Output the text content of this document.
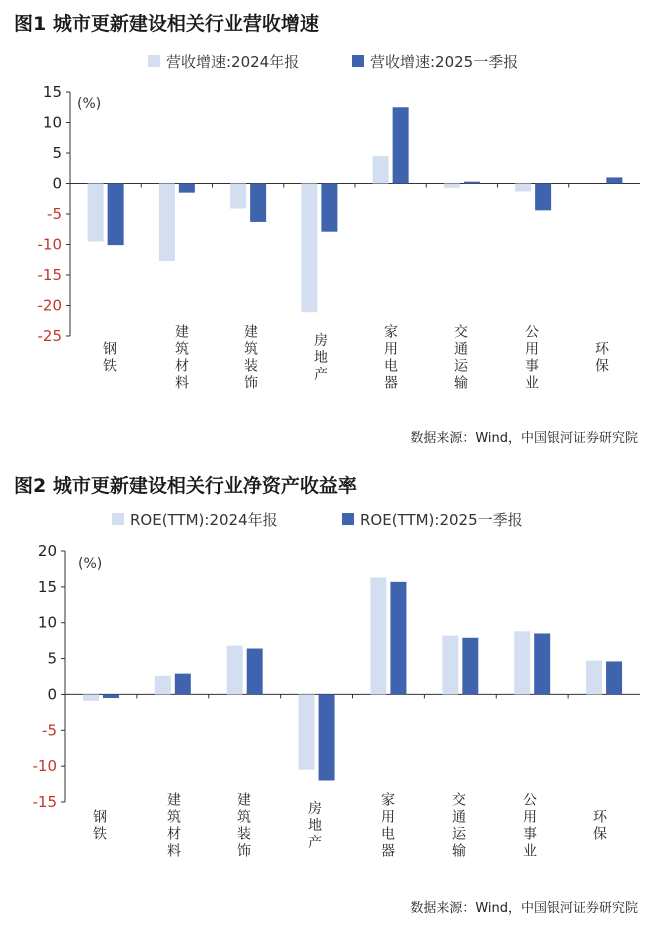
图1 城市更新建设相关行业营收增速
营收增速:2024年报	营收增速:2025一季报
15
10
5
0
-5
-10
-15
-20
-25
(%)
钢铁	建筑材料	建筑装饰	房地产	家用电器	交通运输	公用事业	环保
数据来源：Wind，中国银河证券研究院
图2 城市更新建设相关行业净资产收益率
ROE(TTM):2024年报	ROE(TTM):2025一季报
20
15
10
5
0
-5
-10
-15
(%)
钢铁	建筑材料	建筑装饰	房地产	家用电器	交通运输	公用事业	环保
数据来源：Wind，中国银河证券研究院
